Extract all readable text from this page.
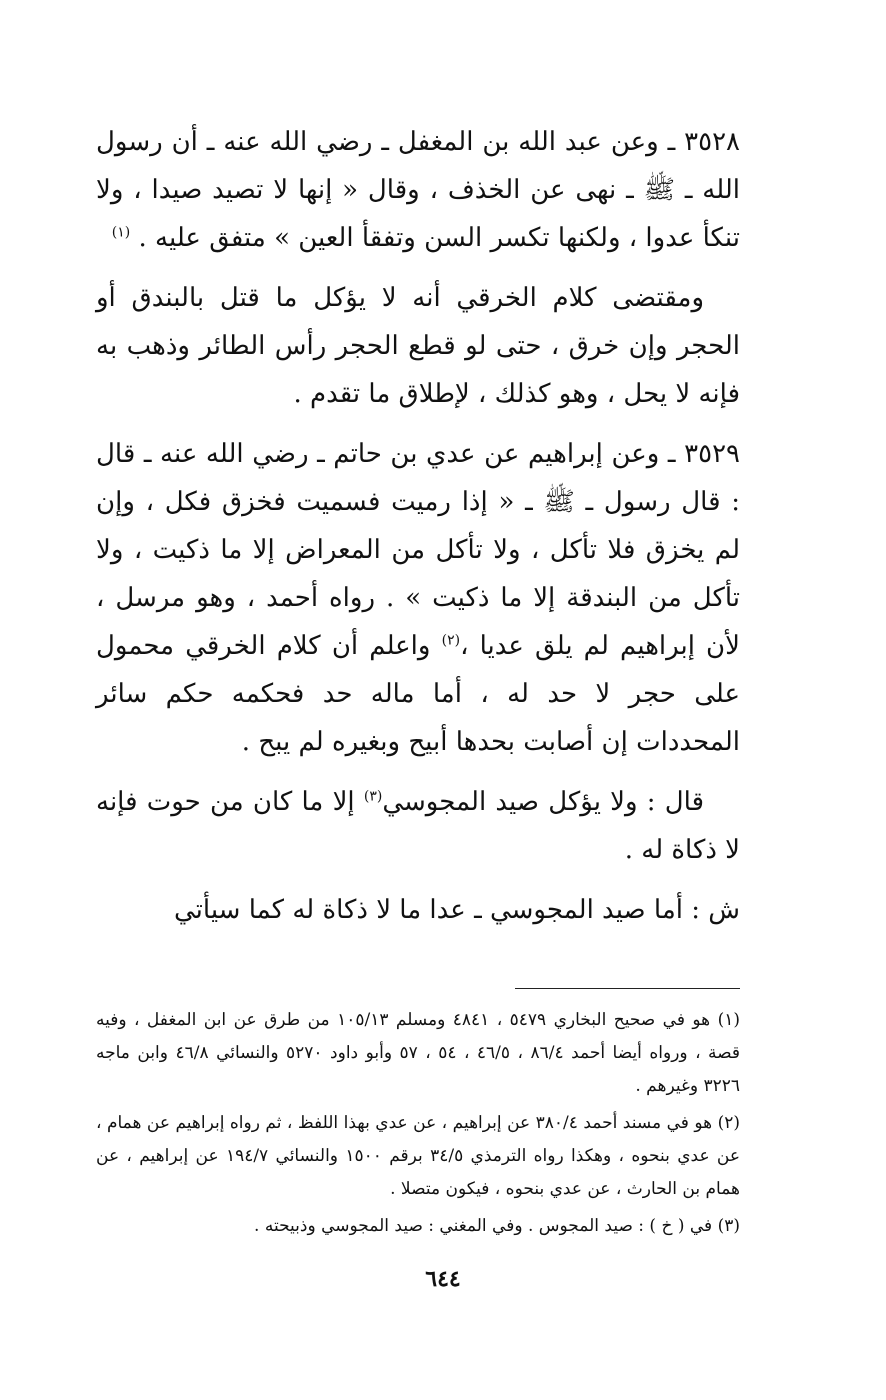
٣٥٢٨ ـ وعن عبد الله بن المغفل ـ رضي الله عنه ـ أن رسول الله ـ ﷺ ـ نهى عن الخذف ، وقال « إنها لا تصيد صيدا ، ولا تنكأ عدوا ، ولكنها تكسر السن وتفقأ العين » متفق عليه . $^{(١)}$

ومقتضى كلام الخرقي أنه لا يؤكل ما قتل بالبندق أو الحجر وإن خرق ، حتى لو قطع الحجر رأس الطائر وذهب به فإنه لا يحل ، وهو كذلك ، لإطلاق ما تقدم .

٣٥٢٩ ـ وعن إبراهيم عن عدي بن حاتم ـ رضي الله عنه ـ قال : قال رسول ـ ﷺ ـ « إذا رميت فسميت فخزق فكل ، وإن لم يخزق فلا تأكل ، ولا تأكل من المعراض إلا ما ذكيت ، ولا تأكل من البندقة إلا ما ذكيت » . رواه أحمد ، وهو مرسل ، لأن إبراهيم لم يلق عديا ،$^{(٢)}$ واعلم أن كلام الخرقي محمول على حجر لا حد له ، أما ماله حد فحكمه حكم سائر المحددات إن أصابت بحدها أبيح وبغيره لم يبح .

قال : ولا يؤكل صيد المجوسي$^{(٣)}$ إلا ما كان من حوت فإنه لا ذكاة له .

ش : أما صيد المجوسي ـ عدا ما لا ذكاة له كما سيأتي

(١) هو في صحيح البخاري ٥٤٧٩ ، ٤٨٤١ ومسلم ١٠٥/١٣ من طرق عن ابن المغفل ، وفيه قصة ، ورواه أيضا أحمد ٨٦/٤ ، ٤٦/٥ ، ٥٤ ، ٥٧ وأبو داود ٥٢٧٠ والنسائي ٤٦/٨ وابن ماجه ٣٢٢٦ وغيرهم .

(٢) هو في مسند أحمد ٣٨٠/٤ عن إبراهيم ، عن عدي بهذا اللفظ ، ثم رواه إبراهيم عن همام ، عن عدي بنحوه ، وهكذا رواه الترمذي ٣٤/٥ برقم ١٥٠٠ والنسائي ١٩٤/٧ عن إبراهيم ، عن همام بن الحارث ، عن عدي بنحوه ، فيكون متصلا .

(٣) في ( خ ) : صيد المجوس . وفي المغني : صيد المجوسي وذبيحته .

٦٤٤
